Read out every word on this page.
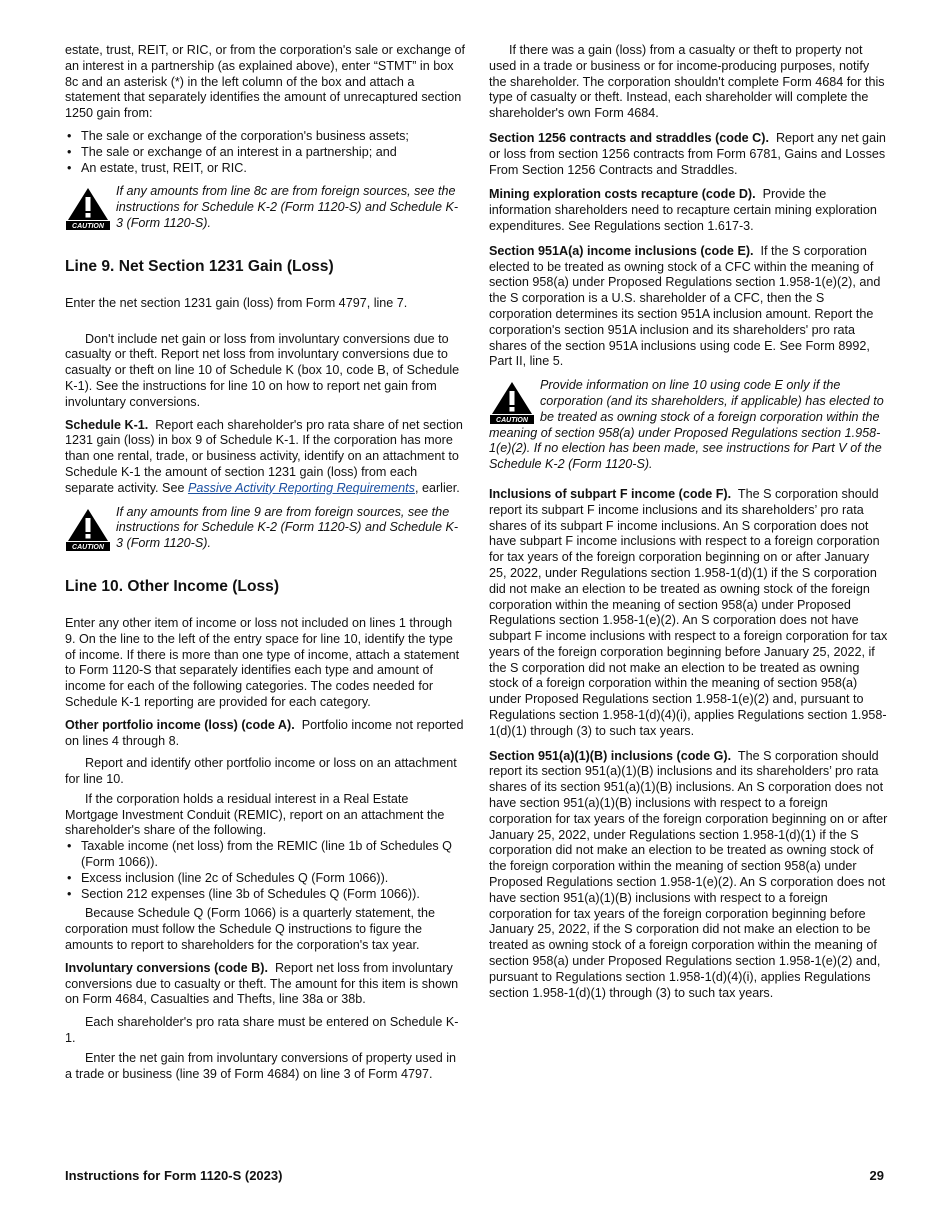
estate, trust, REIT, or RIC, or from the corporation's sale or exchange of an interest in a partnership (as explained above), enter “STMT” in box 8c and an asterisk (*) in the left column of the box and attach a statement that separately identifies the amount of unrecaptured section 1250 gain from:

• The sale or exchange of the corporation's business assets;
• The sale or exchange of an interest in a partnership; and
• An estate, trust, REIT, or RIC.
CAUTION
If any amounts from line 8c are from foreign sources, see the instructions for Schedule K-2 (Form 1120-S) and Schedule K-3 (Form 1120-S).
Line 9. Net Section 1231 Gain (Loss)

Enter the net section 1231 gain (loss) from Form 4797, line 7.

Don't include net gain or loss from involuntary conversions due to casualty or theft. Report net loss from involuntary conversions due to casualty or theft on line 10 of Schedule K (box 10, code B, of Schedule K-1). See the instructions for line 10 on how to report net gain from involuntary conversions.

Schedule K-1. Report each shareholder's pro rata share of net section 1231 gain (loss) in box 9 of Schedule K-1. If the corporation has more than one rental, trade, or business activity, identify on an attachment to Schedule K-1 the amount of section 1231 gain (loss) from each separate activity. See Passive Activity Reporting Requirements, earlier.

CAUTION
If any amounts from line 9 are from foreign sources, see the instructions for Schedule K-2 (Form 1120-S) and Schedule K-3 (Form 1120-S).
Line 10. Other Income (Loss)

Enter any other item of income or loss not included on lines 1 through 9. On the line to the left of the entry space for line 10, identify the type of income. If there is more than one type of income, attach a statement to Form 1120-S that separately identifies each type and amount of income for each of the following categories. The codes needed for Schedule K-1 reporting are provided for each category.

Other portfolio income (loss) (code A). Portfolio income not reported on lines 4 through 8.

Report and identify other portfolio income or loss on an attachment for line 10.

If the corporation holds a residual interest in a Real Estate Mortgage Investment Conduit (REMIC), report on an attachment the shareholder's share of the following.

• Taxable income (net loss) from the REMIC (line 1b of Schedules Q (Form 1066)).
• Excess inclusion (line 2c of Schedules Q (Form 1066)).
• Section 212 expenses (line 3b of Schedules Q (Form 1066)).

Because Schedule Q (Form 1066) is a quarterly statement, the corporation must follow the Schedule Q instructions to figure the amounts to report to shareholders for the corporation's tax year.

Involuntary conversions (code B). Report net loss from involuntary conversions due to casualty or theft. The amount for this item is shown on Form 4684, Casualties and Thefts, line 38a or 38b.

Each shareholder's pro rata share must be entered on Schedule K-1.

Enter the net gain from involuntary conversions of property used in a trade or business (line 39 of Form 4684) on line 3 of Form 4797.

If there was a gain (loss) from a casualty or theft to property not used in a trade or business or for income-producing purposes, notify the shareholder. The corporation shouldn't complete Form 4684 for this type of casualty or theft. Instead, each shareholder will complete the shareholder's own Form 4684.

Section 1256 contracts and straddles (code C). Report any net gain or loss from section 1256 contracts from Form 6781, Gains and Losses From Section 1256 Contracts and Straddles.

Mining exploration costs recapture (code D). Provide the information shareholders need to recapture certain mining exploration expenditures. See Regulations section 1.617-3.

Section 951A(a) income inclusions (code E). If the S corporation elected to be treated as owning stock of a CFC within the meaning of section 958(a) under Proposed Regulations section 1.958-1(e)(2), and the S corporation is a U.S. shareholder of a CFC, then the S corporation determines its section 951A inclusion amount. Report the corporation's section 951A inclusion and its shareholders' pro rata shares of the section 951A inclusions using code E. See Form 8992, Part II, line 5.

CAUTION
Provide information on line 10 using code E only if the corporation (and its shareholders, if applicable) has elected to be treated as owning stock of a foreign corporation within the meaning of section 958(a) under Proposed Regulations section 1.958-1(e)(2). If no election has been made, see instructions for Part V of the Schedule K-2 (Form 1120-S).

Inclusions of subpart F income (code F). The S corporation should report its subpart F income inclusions and its shareholders’ pro rata shares of its subpart F income inclusions. An S corporation does not have subpart F income inclusions with respect to a foreign corporation for tax years of the foreign corporation beginning on or after January 25, 2022, under Regulations section 1.958-1(d)(1) if the S corporation did not make an election to be treated as owning stock of the foreign corporation within the meaning of section 958(a) under Proposed Regulations section 1.958-1(e)(2). An S corporation does not have subpart F income inclusions with respect to a foreign corporation for tax years of the foreign corporation beginning before January 25, 2022, if the S corporation did not make an election to be treated as owning stock of a foreign corporation within the meaning of section 958(a) under Proposed Regulations section 1.958-1(e)(2) and, pursuant to Regulations section 1.958-1(d)(4)(i), applies Regulations section 1.958-1(d)(1) through (3) to such tax years.

Section 951(a)(1)(B) inclusions (code G). The S corporation should report its section 951(a)(1)(B) inclusions and its shareholders’ pro rata shares of its section 951(a)(1)(B) inclusions. An S corporation does not have section 951(a)(1)(B) inclusions with respect to a foreign corporation for tax years of the foreign corporation beginning on or after January 25, 2022, under Regulations section 1.958-1(d)(1) if the S corporation did not make an election to be treated as owning stock of the foreign corporation within the meaning of section 958(a) under Proposed Regulations section 1.958-1(e)(2). An S corporation does not have section 951(a)(1)(B) inclusions with respect to a foreign corporation for tax years of the foreign corporation beginning before January 25, 2022, if the S corporation did not make an election to be treated as owning stock of a foreign corporation within the meaning of section 958(a) under Proposed Regulations section 1.958-1(e)(2) and, pursuant to Regulations section 1.958-1(d)(4)(i), applies Regulations section 1.958-1(d)(1) through (3) to such tax years.

Instructions for Form 1120-S (2023)	29
